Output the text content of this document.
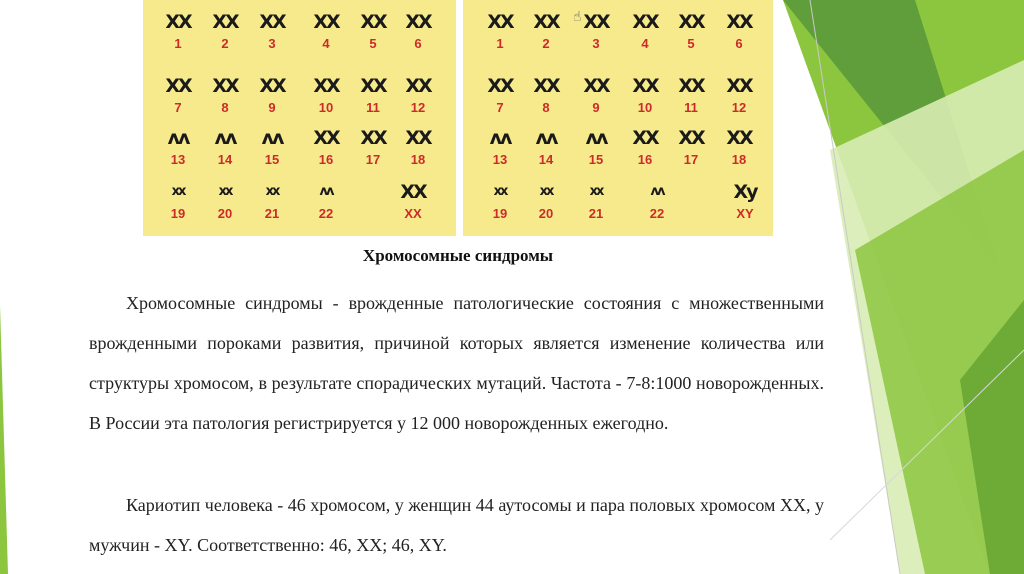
XX
1
XX
2
XX
3
XX
4
XX
5
XX
6
XX
7
XX
8
XX
9
XX
10
XX
11
XX
12
ᴧᴧ
13
ᴧᴧ
14
ᴧᴧ
15
XX
16
XX
17
XX
18
xx
19
xx
20
xx
21
ᴧᴧ
22
XX
XX
XX
1
XX
2
XX
3
XX
4
XX
5
XX
6
XX
7
XX
8
XX
9
XX
10
XX
11
XX
12
ᴧᴧ
13
ᴧᴧ
14
ᴧᴧ
15
XX
16
XX
17
XX
18
xx
19
xx
20
xx
21
ᴧᴧ
22
Xy
XY
☝
Хромосомные синдромы

Хромосомные синдромы - врожденные патологические состояния с множественными врожденными пороками развития, причиной которых является изменение количества или структуры хромосом, в результате спорадических мутаций. Частота - 7-8:1000 новорожденных. В России эта патология регистрируется у 12 000 новорожденных ежегодно.

Кариотип человека - 46 хромосом, у женщин 44 аутосомы и пара половых хромосом XX, у мужчин - XY. Соответственно: 46, XX; 46, XY.
